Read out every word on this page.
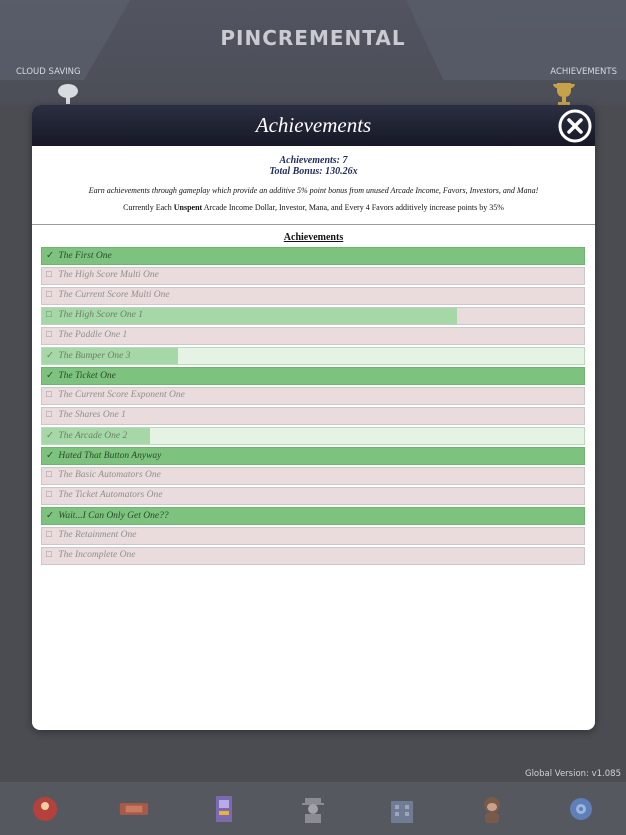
PINCREMENTAL
CLOUD SAVING	ACHIEVEMENTS
Global Version: v1.085
Achievements
Achievements: 7
Total Bonus: 130.26x
Earn achievements through gameplay which provide an additive 5% point bonus from unused Arcade Income, Favors, Investors, and Mana!
Currently Each Unspent Arcade Income Dollar, Investor, Mana, and Every 4 Favors additively increase points by 35%
Achievements
✓ The First One
□ The High Score Multi One
□ The Current Score Multi One
□ The High Score One 1
□ The Paddle One 1
✓ The Bumper One 3
✓ The Ticket One
□ The Current Score Exponent One
□ The Shares One 1
✓ The Arcade One 2
✓ Hated That Button Anyway
□ The Basic Automators One
□ The Ticket Automators One
✓ Wait...I Can Only Get One??
□ The Retainment One
□ The Incomplete One
